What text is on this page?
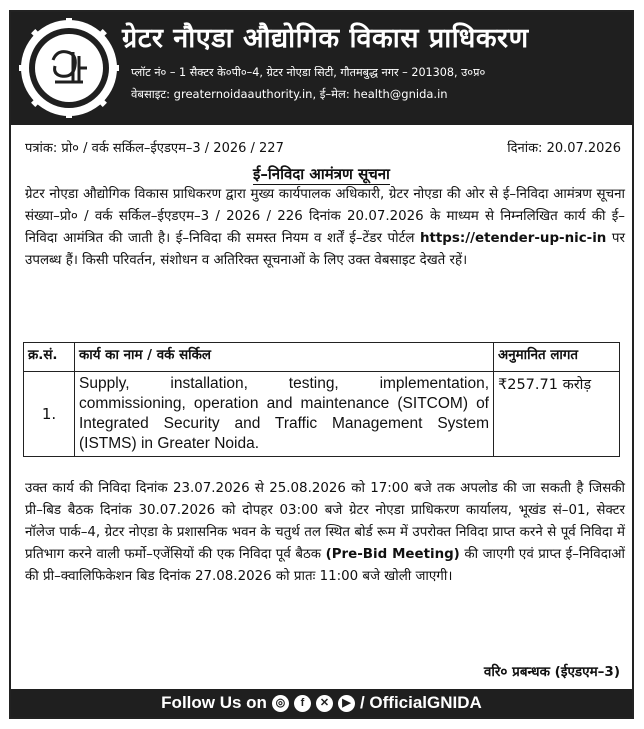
ग्रेटर नौएडा औद्योगिक विकास प्राधिकरण
प्लॉट नं० – 1 सैक्टर के०पी०–4, ग्रेटर नोएडा सिटी, गौतमबुद्ध नगर – 201308, उ०प्र०
वेबसाइट: greaternoidaauthority.in, ई–मेल: health@gnida.in
पत्रांक: प्रो० / वर्क सर्किल–ईएडएम–3 / 2026 / 227	दिनांक: 20.07.2026
ई–निविदा आमंत्रण सूचना
ग्रेटर नोएडा औद्योगिक विकास प्राधिकरण द्वारा मुख्य कार्यपालक अधिकारी, ग्रेटर नोएडा की ओर से ई–निविदा आमंत्रण सूचना संख्या–प्रो० / वर्क सर्किल–ईएडएम–3 / 2026 / 226 दिनांक 20.07.2026 के माध्यम से निम्नलिखित कार्य की ई–निविदा आमंत्रित की जाती है। ई–निविदा की समस्त नियम व शर्तें ई–टेंडर पोर्टल https://etender-up-nic-in पर उपलब्ध हैं। किसी परिवर्तन, संशोधन व अतिरिक्त सूचनाओं के लिए उक्त वेबसाइट देखते रहें।
क्र.सं.	कार्य का नाम / वर्क सर्किल	अनुमानित लागत
1.	Supply, installation, testing, implementation, commissioning, operation and maintenance (SITCOM) of Integrated Security and Traffic Management System (ISTMS) in Greater Noida.	₹257.71 करोड़
उक्त कार्य की निविदा दिनांक 23.07.2026 से 25.08.2026 को 17:00 बजे तक अपलोड की जा सकती है जिसकी प्री–बिड बैठक दिनांक 30.07.2026 को दोपहर 03:00 बजे ग्रेटर नोएडा प्राधिकरण कार्यालय, भूखंड सं–01, सेक्टर नॉलेज पार्क–4, ग्रेटर नोएडा के प्रशासनिक भवन के चतुर्थ तल स्थित बोर्ड रूम में उपरोक्त निविदा प्राप्त करने से पूर्व निविदा में प्रतिभाग करने वाली फर्मो–एजेंसियों की एक निविदा पूर्व बैठक (Pre-Bid Meeting) की जाएगी एवं प्राप्त ई–निविदाओं की प्री–क्वालिफिकेशन बिड दिनांक 27.08.2026 को प्रातः 11:00 बजे खोली जाएगी।
वरि० प्रबन्धक (ईएडएम–3)
Follow Us on ◎	f	✕	▶ / OfficialGNIDA
